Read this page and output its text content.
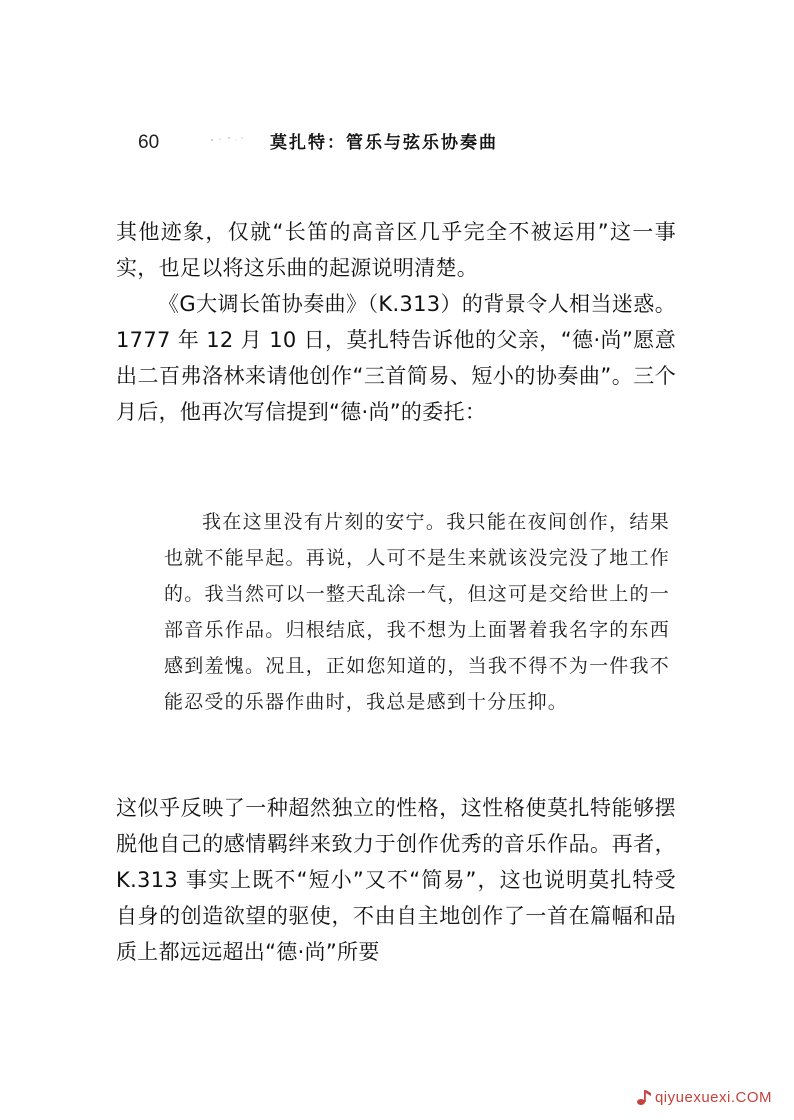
60	莫扎特：管乐与弦乐协奏曲

其他迹象，仅就“长笛的高音区几乎完全不被运用”这一事实，也足以将这乐曲的起源说明清楚。

《G大调长笛协奏曲》（K.313）的背景令人相当迷惑。1777 年 12 月 10 日，莫扎特告诉他的父亲，“德·尚”愿意出二百弗洛林来请他创作“三首简易、短小的协奏曲”。三个月后，他再次写信提到“德·尚”的委托：

我在这里没有片刻的安宁。我只能在夜间创作，结果也就不能早起。再说，人可不是生来就该没完没了地工作的。我当然可以一整天乱涂一气，但这可是交给世上的一部音乐作品。归根结底，我不想为上面署着我名字的东西感到羞愧。况且，正如您知道的，当我不得不为一件我不能忍受的乐器作曲时，我总是感到十分压抑。

这似乎反映了一种超然独立的性格，这性格使莫扎特能够摆脱他自己的感情羁绊来致力于创作优秀的音乐作品。再者，K.313 事实上既不“短小”又不“简易”，这也说明莫扎特受自身的创造欲望的驱使，不由自主地创作了一首在篇幅和品质上都远远超出“德·尚”所要

qiyuexuexi.COM
